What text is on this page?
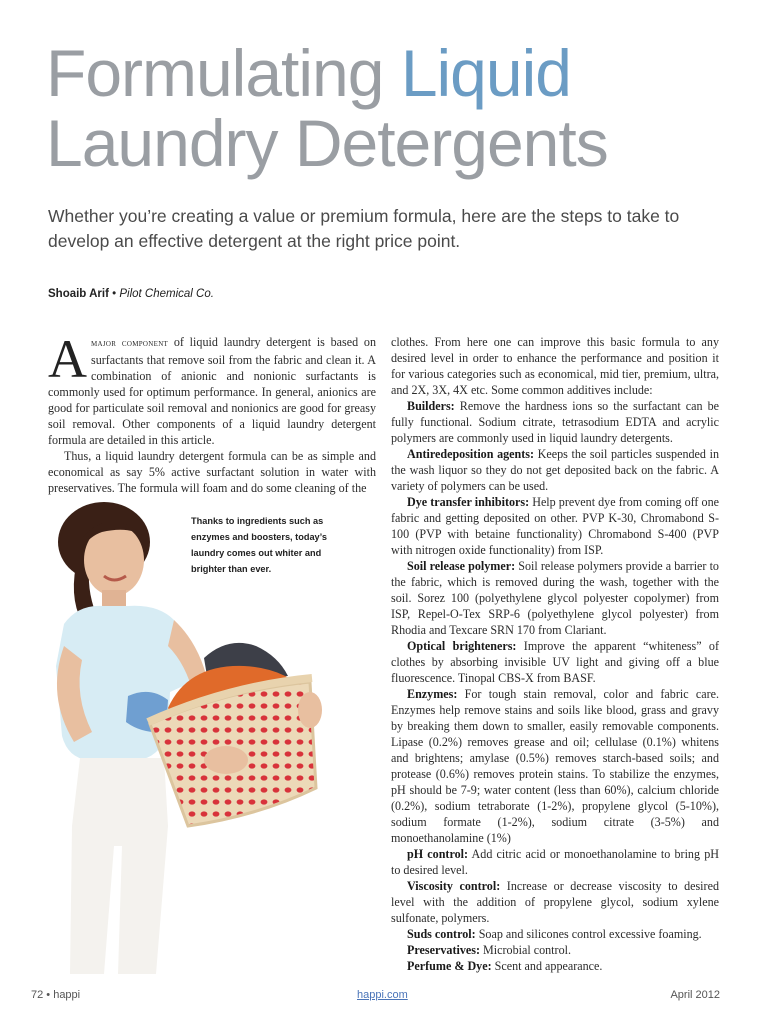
Formulating Liquid
Laundry Detergents

Whether you’re creating a value or premium formula, here are the steps to take to develop an effective detergent at the right price point.

Shoaib Arif • Pilot Chemical Co.

Amajor component of liquid laundry detergent is based on surfactants that remove soil from the fabric and clean it. A combination of anionic and nonionic surfactants is commonly used for optimum performance. In general, anionics are good for particulate soil removal and nonionics are good for greasy soil removal. Other components of a liquid laundry detergent formula are detailed in this article.

Thus, a liquid laundry detergent formula can be as simple and economical as say 5% active surfactant solution in water with preservatives. The formula will foam and do some cleaning of the

Thanks to ingredients such as enzymes and boosters, today’s laundry comes out whiter and brighter than ever.

clothes. From here one can improve this basic formula to any desired level in order to enhance the performance and position it for various categories such as economical, mid tier, premium, ultra, and 2X, 3X, 4X etc. Some common additives include:

Builders: Remove the hardness ions so the surfactant can be fully functional. Sodium citrate, tetrasodium EDTA and acrylic polymers are commonly used in liquid laundry detergents.

Antiredeposition agents: Keeps the soil particles suspended in the wash liquor so they do not get deposited back on the fabric. A variety of polymers can be used.

Dye transfer inhibitors: Help prevent dye from coming off one fabric and getting deposited on other. PVP K-30, Chromabond S-100 (PVP with betaine functionality) Chromabond S-400 (PVP with nitrogen oxide functionality) from ISP.

Soil release polymer: Soil release polymers provide a barrier to the fabric, which is removed during the wash, together with the soil. Sorez 100 (polyethylene glycol polyester copolymer) from ISP, Repel-O-Tex SRP-6 (polyethylene glycol polyester) from Rhodia and Texcare SRN 170 from Clariant.

Optical brighteners: Improve the apparent “whiteness” of clothes by absorbing invisible UV light and giving off a blue fluorescence. Tinopal CBS-X from BASF.

Enzymes: For tough stain removal, color and fabric care. Enzymes help remove stains and soils like blood, grass and gravy by breaking them down to smaller, easily removable components. Lipase (0.2%) removes grease and oil; cellulase (0.1%) whitens and brightens; amylase (0.5%) removes starch-based soils; and protease (0.6%) removes protein stains. To stabilize the enzymes, pH should be 7-9; water content (less than 60%), calcium chloride (0.2%), sodium tetraborate (1-2%), propylene glycol (5-10%), sodium formate (1-2%), sodium citrate (3-5%) and monoethanolamine (1%)

pH control: Add citric acid or monoethanolamine to bring pH to desired level.

Viscosity control: Increase or decrease viscosity to desired level with the addition of propylene glycol, sodium xylene sulfonate, polymers.

Suds control: Soap and silicones control excessive foaming.

Preservatives: Microbial control.

Perfume & Dye: Scent and appearance.

72 • happi	happi.com	April 2012
